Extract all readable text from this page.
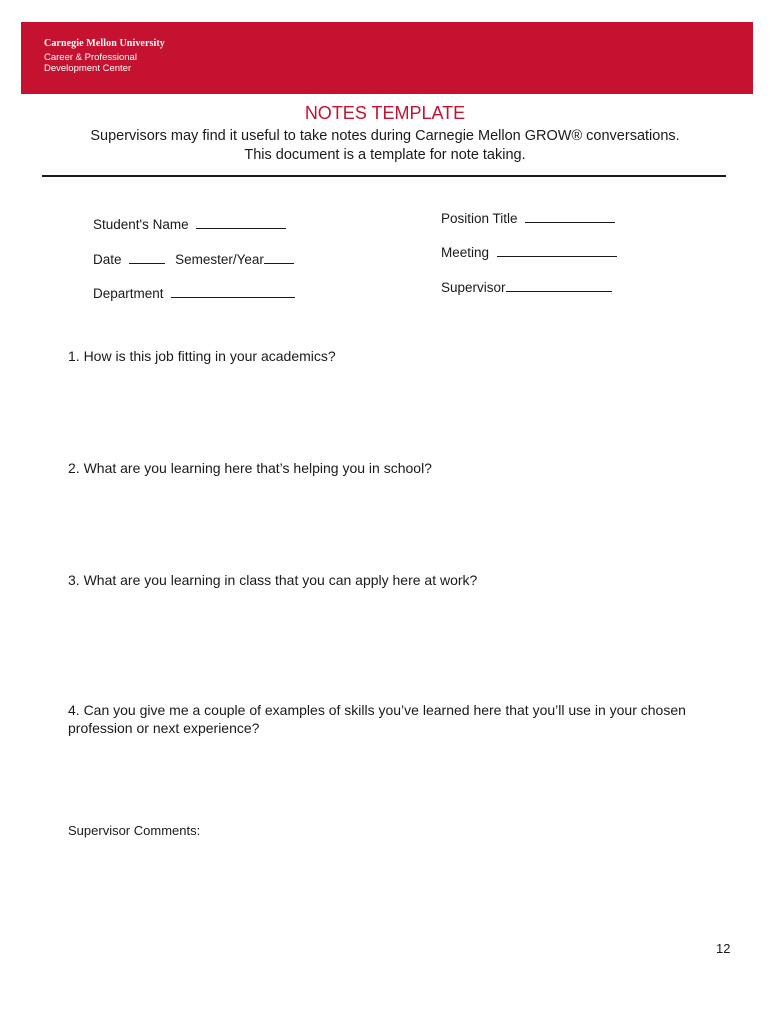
Carnegie Mellon University
Career & Professional
Development Center
NOTES TEMPLATE
Supervisors may find it useful to take notes during Carnegie Mellon GROW® conversations.
This document is a template for note taking.
Student's Name
Date	Semester/Year
Department
Position Title
Meeting
Supervisor
1. How is this job fitting in your academics?
2. What are you learning here that’s helping you in school?
3. What are you learning in class that you can apply here at work?
4. Can you give me a couple of examples of skills you’ve learned here that you’ll use in your chosen profession or next experience?
Supervisor Comments:
12
